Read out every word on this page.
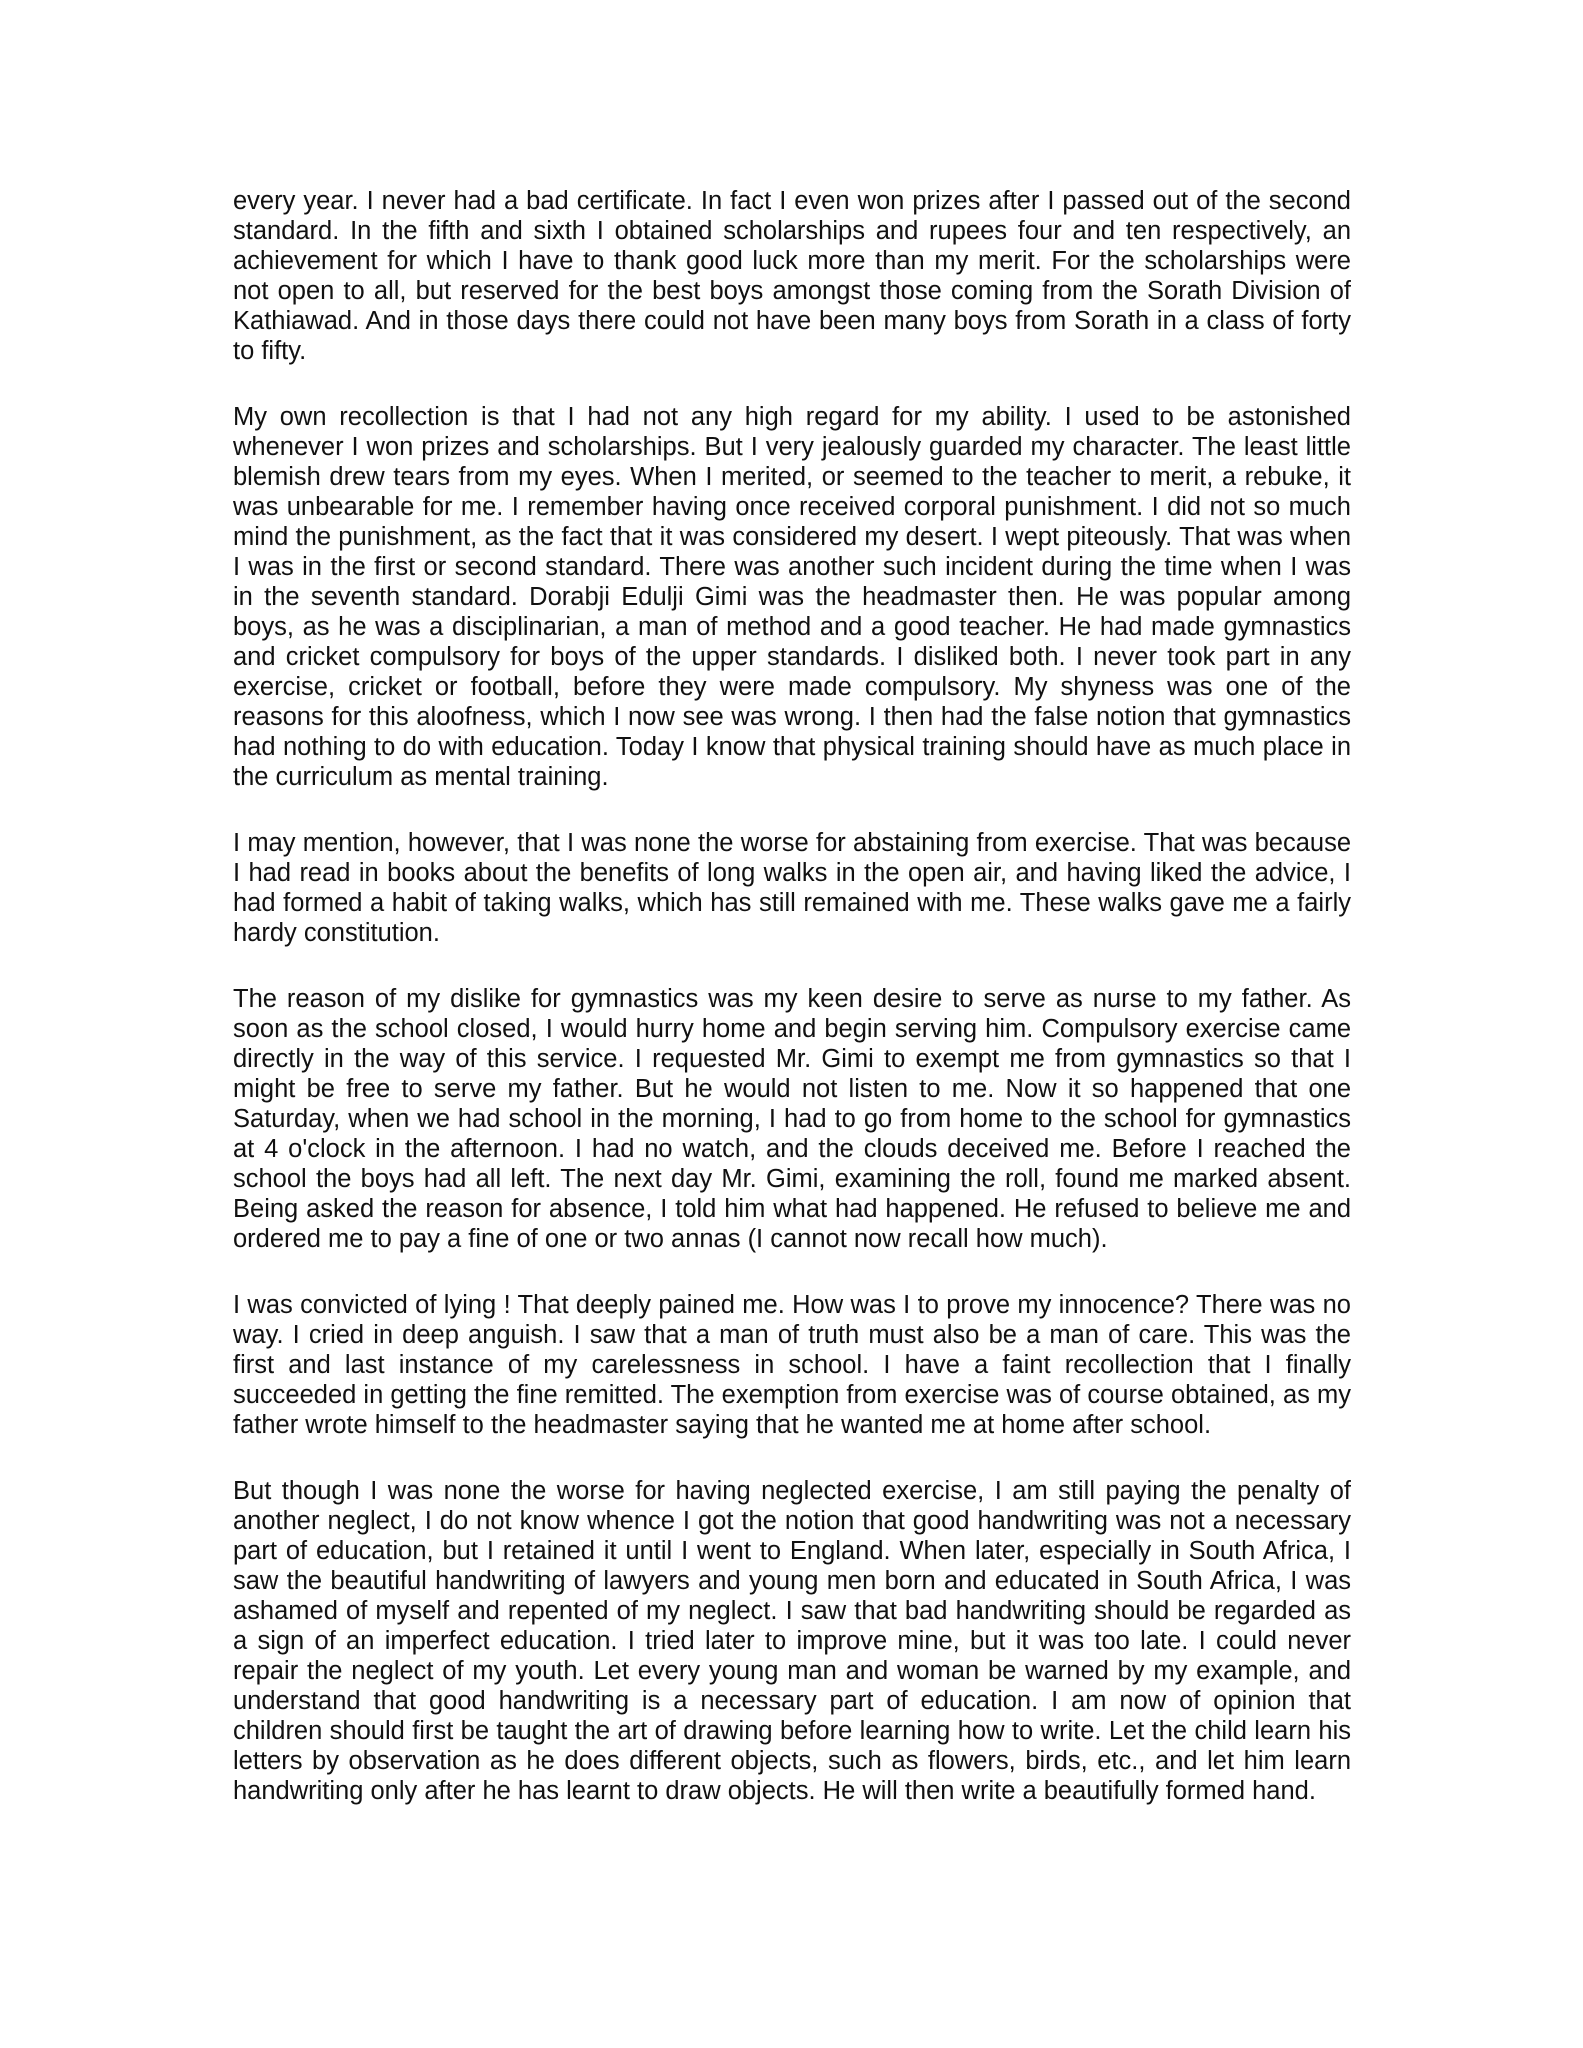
every year. I never had a bad certificate. In fact I even won prizes after I passed out of the second standard. In the fifth and sixth I obtained scholarships and rupees four and ten respectively, an achievement for which I have to thank good luck more than my merit. For the scholarships were not open to all, but reserved for the best boys amongst those coming from the Sorath Division of Kathiawad. And in those days there could not have been many boys from Sorath in a class of forty to fifty.

My own recollection is that I had not any high regard for my ability. I used to be astonished whenever I won prizes and scholarships. But I very jealously guarded my character. The least little blemish drew tears from my eyes. When I merited, or seemed to the teacher to merit, a rebuke, it was unbearable for me. I remember having once received corporal punishment. I did not so much mind the punishment, as the fact that it was considered my desert. I wept piteously. That was when I was in the first or second standard. There was another such incident during the time when I was in the seventh standard. Dorabji Edulji Gimi was the headmaster then. He was popular among boys, as he was a disciplinarian, a man of method and a good teacher. He had made gymnastics and cricket compulsory for boys of the upper standards. I disliked both. I never took part in any exercise, cricket or football, before they were made compulsory. My shyness was one of the reasons for this aloofness, which I now see was wrong. I then had the false notion that gymnastics had nothing to do with education. Today I know that physical training should have as much place in the curriculum as mental training.

I may mention, however, that I was none the worse for abstaining from exercise. That was because I had read in books about the benefits of long walks in the open air, and having liked the advice, I had formed a habit of taking walks, which has still remained with me. These walks gave me a fairly hardy constitution.

The reason of my dislike for gymnastics was my keen desire to serve as nurse to my father. As soon as the school closed, I would hurry home and begin serving him. Compulsory exercise came directly in the way of this service. I requested Mr. Gimi to exempt me from gymnastics so that I might be free to serve my father. But he would not listen to me. Now it so happened that one Saturday, when we had school in the morning, I had to go from home to the school for gymnastics at 4 o'clock in the afternoon. I had no watch, and the clouds deceived me. Before I reached the school the boys had all left. The next day Mr. Gimi, examining the roll, found me marked absent. Being asked the reason for absence, I told him what had happened. He refused to believe me and ordered me to pay a fine of one or two annas (I cannot now recall how much).

I was convicted of lying ! That deeply pained me. How was I to prove my innocence? There was no way. I cried in deep anguish. I saw that a man of truth must also be a man of care. This was the first and last instance of my carelessness in school. I have a faint recollection that I finally succeeded in getting the fine remitted. The exemption from exercise was of course obtained, as my father wrote himself to the headmaster saying that he wanted me at home after school.

But though I was none the worse for having neglected exercise, I am still paying the penalty of another neglect, I do not know whence I got the notion that good handwriting was not a necessary part of education, but I retained it until I went to England. When later, especially in South Africa, I saw the beautiful handwriting of lawyers and young men born and educated in South Africa, I was ashamed of myself and repented of my neglect. I saw that bad handwriting should be regarded as a sign of an imperfect education. I tried later to improve mine, but it was too late. I could never repair the neglect of my youth. Let every young man and woman be warned by my example, and understand that good handwriting is a necessary part of education. I am now of opinion that children should first be taught the art of drawing before learning how to write. Let the child learn his letters by observation as he does different objects, such as flowers, birds, etc., and let him learn handwriting only after he has learnt to draw objects. He will then write a beautifully formed hand.
